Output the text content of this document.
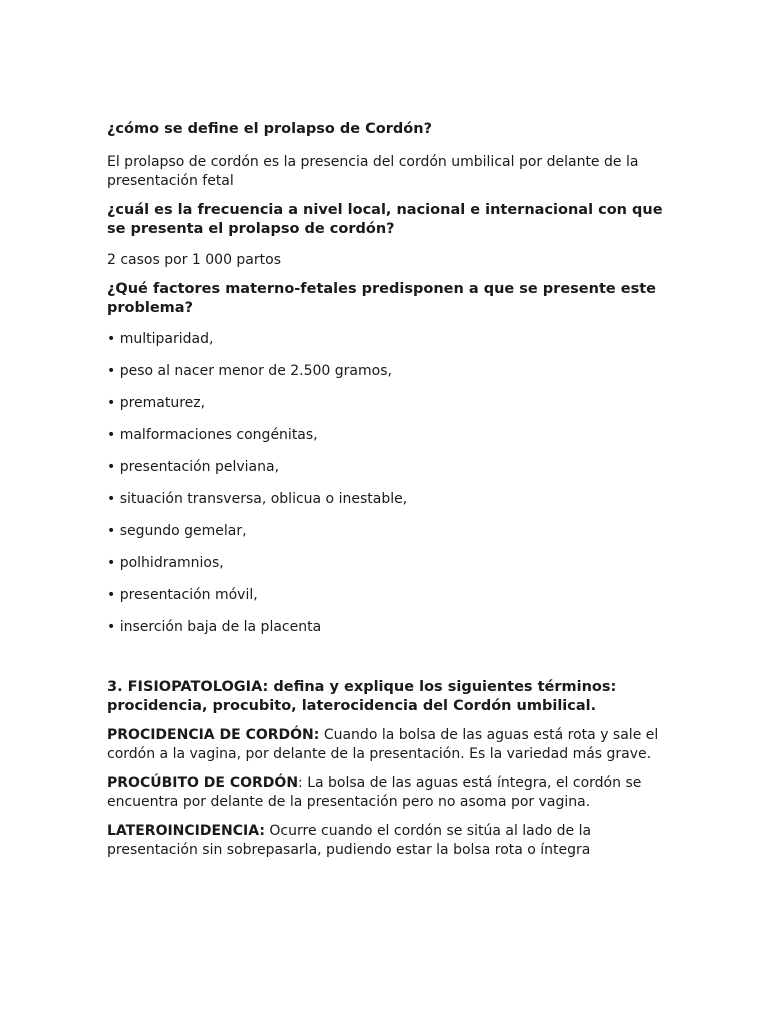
¿cómo se define el prolapso de Cordón?
El prolapso de cordón es la presencia del cordón umbilical por delante de la presentación fetal
¿cuál es la frecuencia a nivel local, nacional e internacional con que se presenta el prolapso de cordón?
2 casos por 1 000 partos
¿Qué factores materno-fetales predisponen a que se presente este problema?
• multiparidad,
• peso al nacer menor de 2.500 gramos,
• prematurez,
• malformaciones congénitas,
• presentación pelviana,
• situación transversa, oblicua o inestable,
• segundo gemelar,
• polhidramnios,
• presentación móvil,
• inserción baja de la placenta
3. FISIOPATOLOGIA: defina y explique los siguientes términos: procidencia, procubito, laterocidencia del Cordón umbilical.
PROCIDENCIA DE CORDÓN: Cuando la bolsa de las aguas está rota y sale el cordón a la vagina, por delante de la presentación. Es la variedad más grave.
PROCÚBITO DE CORDÓN: La bolsa de las aguas está íntegra, el cordón se encuentra por delante de la presentación pero no asoma por vagina.
LATEROINCIDENCIA: Ocurre cuando el cordón se sitúa al lado de la presentación sin sobrepasarla, pudiendo estar la bolsa rota o íntegra
